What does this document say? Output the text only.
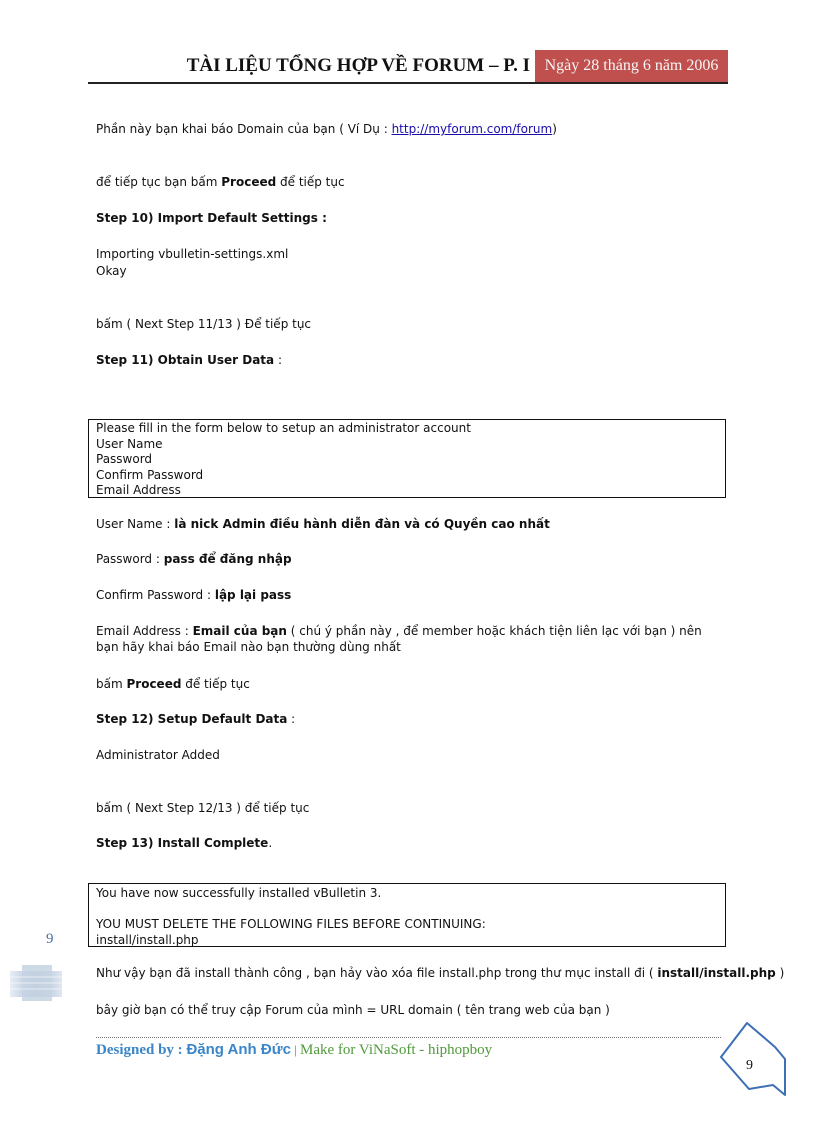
TÀI LIỆU TỔNG HỢP VỀ FORUM – P. I Ngày 28 tháng 6 năm 2006
Phần này bạn khai báo Domain của bạn ( Ví Dụ : http://myforum.com/forum)
để tiếp tục bạn bấm Proceed để tiếp tục
Step 10) Import Default Settings :
Importing vbulletin-settings.xml
Okay
bấm ( Next Step 11/13 ) Để tiếp tục
Step 11) Obtain User Data :
User Name : là nick Admin điều hành diễn đàn và có Quyền cao nhất
Password : pass để đăng nhập
Confirm Password : lập lại pass
Email Address : Email của bạn ( chú ý phần này , để member hoặc khách tiện liên lạc với bạn ) nên bạn hãy khai báo Email nào bạn thường dùng nhất
bấm Proceed để tiếp tục
Step 12) Setup Default Data :
Administrator Added
bấm ( Next Step 12/13 ) để tiếp tục
Step 13) Install Complete.
Như vậy bạn đã install thành công , bạn hảy vào xóa file install.php trong thư mục install đi ( install/install.php )
bây giờ bạn có thể truy cập Forum của mình = URL domain ( tên trang web của bạn )
Please fill in the form below to setup an administrator account
User Name
Password
Confirm Password
Email Address
You have now successfully installed vBulletin 3.
YOU MUST DELETE THE FOLLOWING FILES BEFORE CONTINUING:
install/install.php
9
Designed by : Đặng Anh Đức | Make for ViNaSoft - hiphopboy
9
